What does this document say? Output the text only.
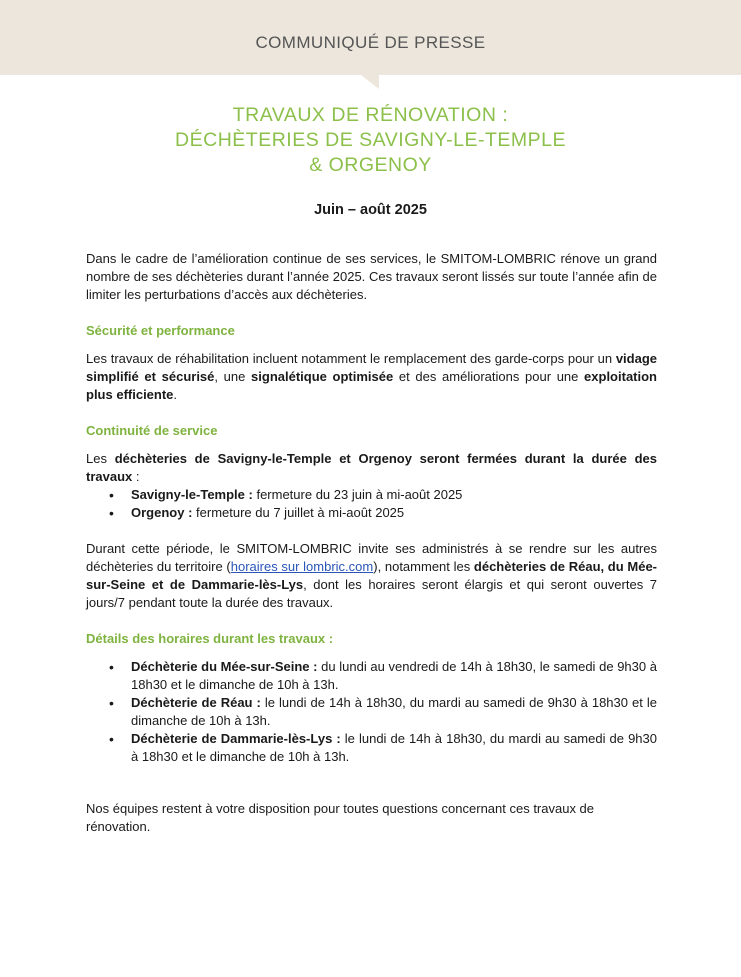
COMMUNIQUÉ DE PRESSE
TRAVAUX DE RÉNOVATION :
DÉCHÈTERIES DE SAVIGNY-LE-TEMPLE
& ORGENOY
Juin – août 2025

Dans le cadre de l’amélioration continue de ses services, le SMITOM-LOMBRIC rénove un grand nombre de ses déchèteries durant l’année 2025. Ces travaux seront lissés sur toute l’année afin de limiter les perturbations d’accès aux déchèteries.

Sécurité et performance

Les travaux de réhabilitation incluent notamment le remplacement des garde-corps pour un vidage simplifié et sécurisé, une signalétique optimisée et des améliorations pour une exploitation plus efficiente.

Continuité de service

Les déchèteries de Savigny-le-Temple et Orgenoy seront fermées durant la durée des travaux :

• Savigny-le-Temple : fermeture du 23 juin à mi-août 2025
• Orgenoy : fermeture du 7 juillet à mi-août 2025

Durant cette période, le SMITOM-LOMBRIC invite ses administrés à se rendre sur les autres déchèteries du territoire (horaires sur lombric.com), notamment les déchèteries de Réau, du Mée-sur-Seine et de Dammarie-lès-Lys, dont les horaires seront élargis et qui seront ouvertes 7 jours/7 pendant toute la durée des travaux.

Détails des horaires durant les travaux :

• Déchèterie du Mée-sur-Seine : du lundi au vendredi de 14h à 18h30, le samedi de 9h30 à 18h30 et le dimanche de 10h à 13h.
• Déchèterie de Réau : le lundi de 14h à 18h30, du mardi au samedi de 9h30 à 18h30 et le dimanche de 10h à 13h.
• Déchèterie de Dammarie-lès-Lys : le lundi de 14h à 18h30, du mardi au samedi de 9h30 à 18h30 et le dimanche de 10h à 13h.

Nos équipes restent à votre disposition pour toutes questions concernant ces travaux de rénovation.
